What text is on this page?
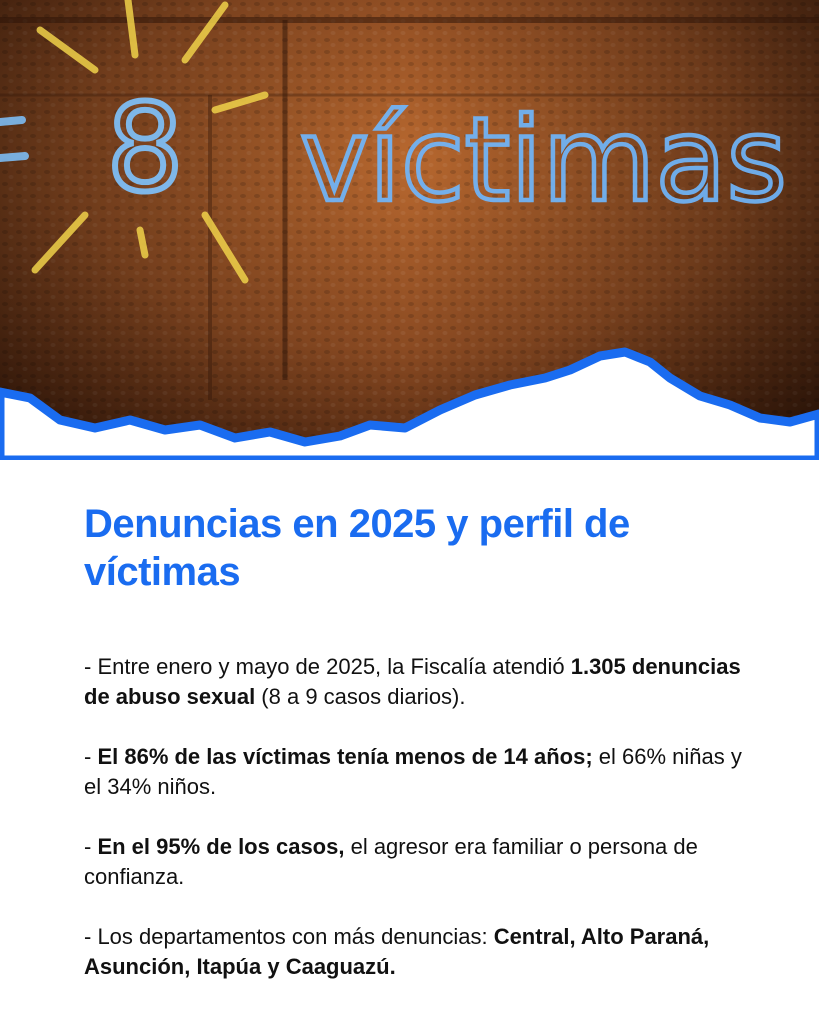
8 víctimas
Denuncias en 2025 y perfil de víctimas

- Entre enero y mayo de 2025, la Fiscalía atendió 1.305 denuncias de abuso sexual (8 a 9 casos diarios).

- El 86% de las víctimas tenía menos de 14 años; el 66% niñas y el 34% niños.

- En el 95% de los casos, el agresor era familiar o persona de confianza.

- Los departamentos con más denuncias: Central, Alto Paraná, Asunción, Itapúa y Caaguazú.
